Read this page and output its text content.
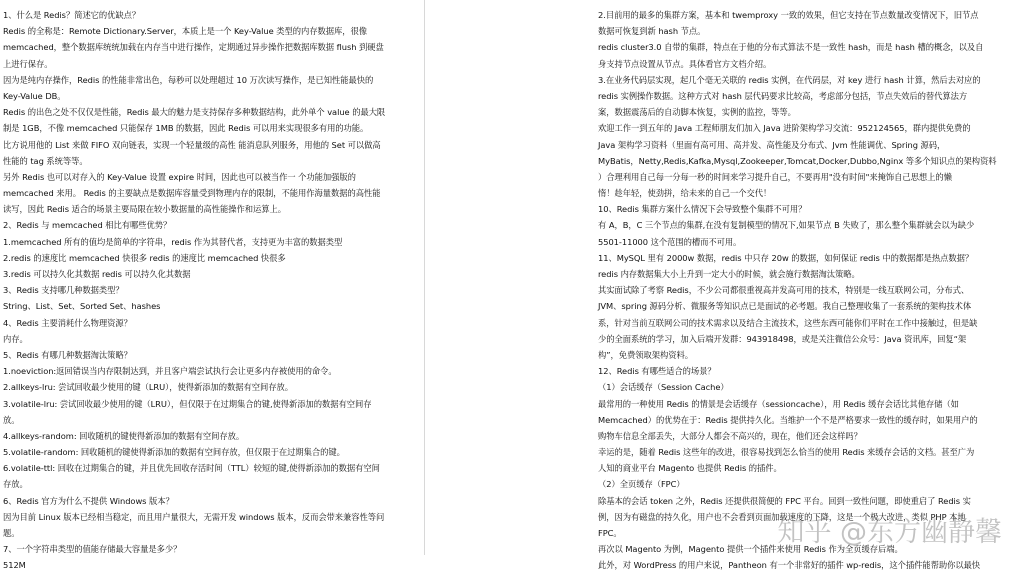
1、什么是 Redis？简述它的优缺点？
Redis 的全称是：Remote Dictionary.Server，本质上是一个 Key-Value 类型的内存数据库，很像
memcached，整个数据库统统加载在内存当中进行操作，定期通过异步操作把数据库数据 flush 到硬盘
上进行保存。
因为是纯内存操作，Redis 的性能非常出色，每秒可以处理超过 10 万次读写操作，是已知性能最快的
Key-Value DB。
Redis 的出色之处不仅仅是性能，Redis 最大的魅力是支持保存多种数据结构，此外单个 value 的最大限
制是 1GB，不像 memcached 只能保存 1MB 的数据，因此 Redis 可以用来实现很多有用的功能。
比方说用他的 List 来做 FIFO 双向链表，实现一个轻量级的高性 能消息队列服务，用他的 Set 可以做高
性能的 tag 系统等等。
另外 Redis 也可以对存入的 Key-Value 设置 expire 时间，因此也可以被当作一 个功能加强版的
memcached 来用。 Redis 的主要缺点是数据库容量受到物理内存的限制，不能用作海量数据的高性能
读写，因此 Redis 适合的场景主要局限在较小数据量的高性能操作和运算上。
2、Redis 与 memcached 相比有哪些优势？
1.memcached 所有的值均是简单的字符串，redis 作为其替代者，支持更为丰富的数据类型
2.redis 的速度比 memcached 快很多 redis 的速度比 memcached 快很多
3.redis 可以持久化其数据 redis 可以持久化其数据
3、Redis 支持哪几种数据类型？
String、List、Set、Sorted Set、hashes
4、Redis 主要消耗什么物理资源？
内存。
5、Redis 有哪几种数据淘汰策略？
1.noeviction:返回错误当内存限制达到，并且客户端尝试执行会让更多内存被使用的命令。
2.allkeys-lru: 尝试回收最少使用的键（LRU），使得新添加的数据有空间存放。
3.volatile-lru: 尝试回收最少使用的键（LRU），但仅限于在过期集合的键,使得新添加的数据有空间存
放。
4.allkeys-random: 回收随机的键使得新添加的数据有空间存放。
5.volatile-random: 回收随机的键使得新添加的数据有空间存放，但仅限于在过期集合的键。
6.volatile-ttl: 回收在过期集合的键，并且优先回收存活时间（TTL）较短的键,使得新添加的数据有空间
存放。
6、Redis 官方为什么不提供 Windows 版本？
因为目前 Linux 版本已经相当稳定，而且用户量很大，无需开发 windows 版本，反而会带来兼容性等问
题。
7、一个字符串类型的值能存储最大容量是多少？
512M
2.目前用的最多的集群方案，基本和 twemproxy 一致的效果，但它支持在节点数量改变情况下，旧节点
数据可恢复到新 hash 节点。
redis cluster3.0 自带的集群，特点在于他的分布式算法不是一致性 hash，而是 hash 槽的概念，以及自
身支持节点设置从节点。具体看官方文档介绍。
3.在业务代码层实现，起几个毫无关联的 redis 实例，在代码层，对 key 进行 hash 计算，然后去对应的
redis 实例操作数据。这种方式对 hash 层代码要求比较高，考虑部分包括，节点失效后的替代算法方
案，数据震荡后的自动脚本恢复，实例的监控，等等。
欢迎工作一到五年的 Java 工程师朋友们加入 Java 进阶架构学习交流：952124565，群内提供免费的
Java 架构学习资料（里面有高可用、高并发、高性能及分布式、Jvm 性能调优、Spring 源码，
MyBatis，Netty,Redis,Kafka,Mysql,Zookeeper,Tomcat,Docker,Dubbo,Nginx 等多个知识点的架构资料
）合理利用自己每一分每一秒的时间来学习提升自己，不要再用"没有时间"来掩饰自己思想上的懒
惰！趁年轻，使劲拼，给未来的自己一个交代！
10、Redis 集群方案什么情况下会导致整个集群不可用？
有 A，B，C 三个节点的集群,在没有复制模型的情况下,如果节点 B 失败了，那么整个集群就会以为缺少
5501-11000 这个范围的槽而不可用。
11、MySQL 里有 2000w 数据，redis 中只存 20w 的数据，如何保证 redis 中的数据都是热点数据？
redis 内存数据集大小上升到一定大小的时候，就会施行数据淘汰策略。
其实面试除了考察 Redis，不少公司都很重视高并发高可用的技术，特别是一线互联网公司，分布式、
JVM、spring 源码分析、微服务等知识点已是面试的必考题。我自己整理收集了一套系统的架构技术体
系，针对当前互联网公司的技术需求以及结合主流技术，这些东西可能你们平时在工作中接触过，但是缺
少的全面系统的学习，加入后端开发群：943918498，或是关注微信公众号：Java 资讯库，回复“架
构”，免费领取架构资料。
12、Redis 有哪些适合的场景？
（1）会话缓存（Session Cache）
最常用的一种使用 Redis 的情景是会话缓存（sessioncache），用 Redis 缓存会话比其他存储（如
Memcached）的优势在于：Redis 提供持久化。当维护一个不是严格要求一致性的缓存时，如果用户的
购物车信息全部丢失，大部分人都会不高兴的，现在，他们还会这样吗？
幸运的是，随着 Redis 这些年的改进，很容易找到怎么恰当的使用 Redis 来缓存会话的文档。甚至广为
人知的商业平台 Magento 也提供 Redis 的插件。
（2）全页缓存（FPC）
除基本的会话 token 之外，Redis 还提供很简便的 FPC 平台。回到一致性问题，即使重启了 Redis 实
例，因为有磁盘的持久化，用户也不会看到页面加载速度的下降，这是一个极大改进，类似 PHP 本地
FPC。
再次以 Magento 为例，Magento 提供一个插件来使用 Redis 作为全页缓存后端。
此外，对 WordPress 的用户来说，Pantheon 有一个非常好的插件 wp-redis，这个插件能帮助你以最快
知乎 @东方幽静馨
